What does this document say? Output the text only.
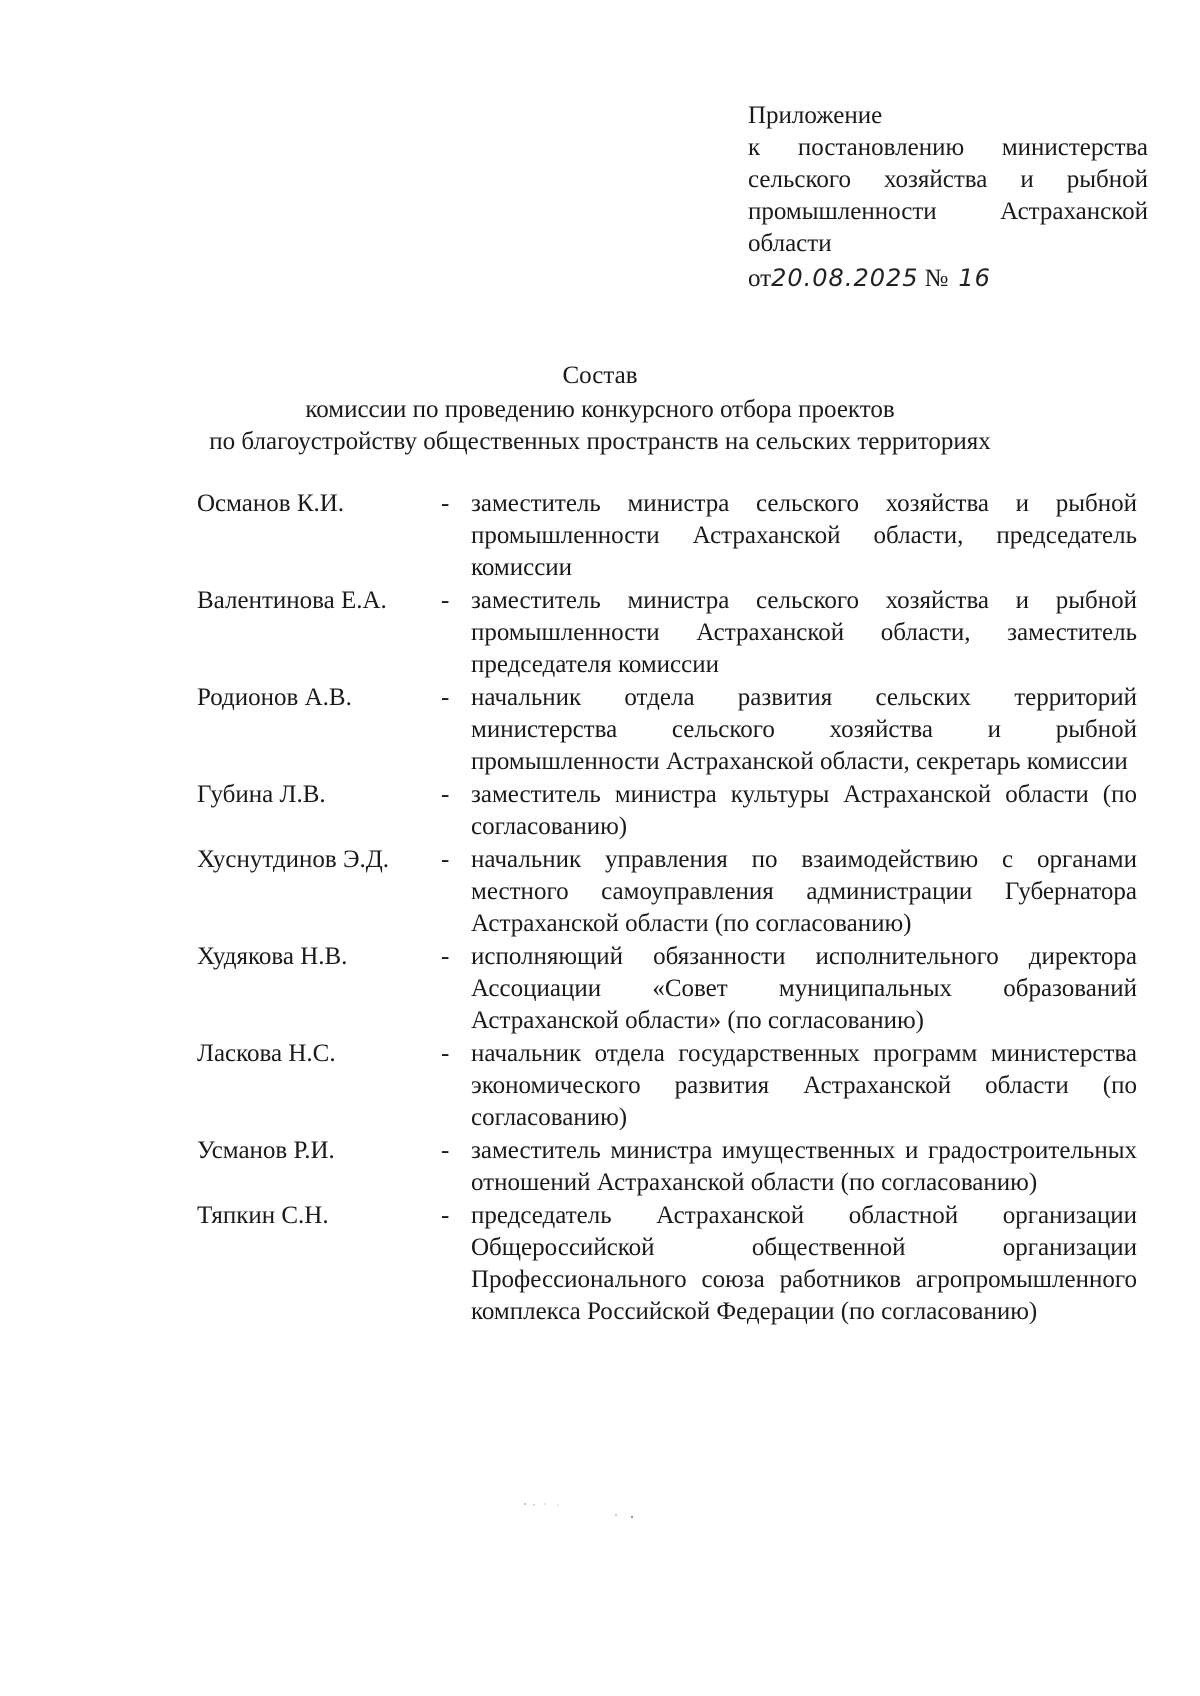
Приложение
к постановлению министерства
сельского хозяйства и рыбной
промышленности Астраханской
области
от20.08.2025 № 16
Состав
комиссии по проведению конкурсного отбора проектов
по благоустройству общественных пространств на сельских территориях
Османов К.И.	- заместитель министра сельского хозяйства и рыбной промышленности Астраханской области, председатель комиссии
Валентинова Е.А.	- заместитель министра сельского хозяйства и рыбной промышленности Астраханской области, заместитель председателя комиссии
Родионов А.В.	- начальник отдела развития сельских территорий министерства сельского хозяйства и рыбной промышленности Астраханской области, секретарь комиссии
Губина Л.В.	- заместитель министра культуры Астраханской области (по согласованию)
Хуснутдинов Э.Д.	- начальник управления по взаимодействию с органами местного самоуправления администрации Губернатора Астраханской области (по согласованию)
Худякова Н.В.	- исполняющий обязанности исполнительного директора Ассоциации «Совет муниципальных образований Астраханской области» (по согласованию)
Ласкова Н.С.	- начальник отдела государственных программ министерства экономического развития Астраханской области (по согласованию)
Усманов Р.И.	- заместитель министра имущественных и градостроительных отношений Астраханской области (по согласованию)
Тяпкин С.Н.	- председатель Астраханской областной организации Общероссийской общественной организации Профессионального союза работников агропромышленного комплекса Российской Федерации (по согласованию)
